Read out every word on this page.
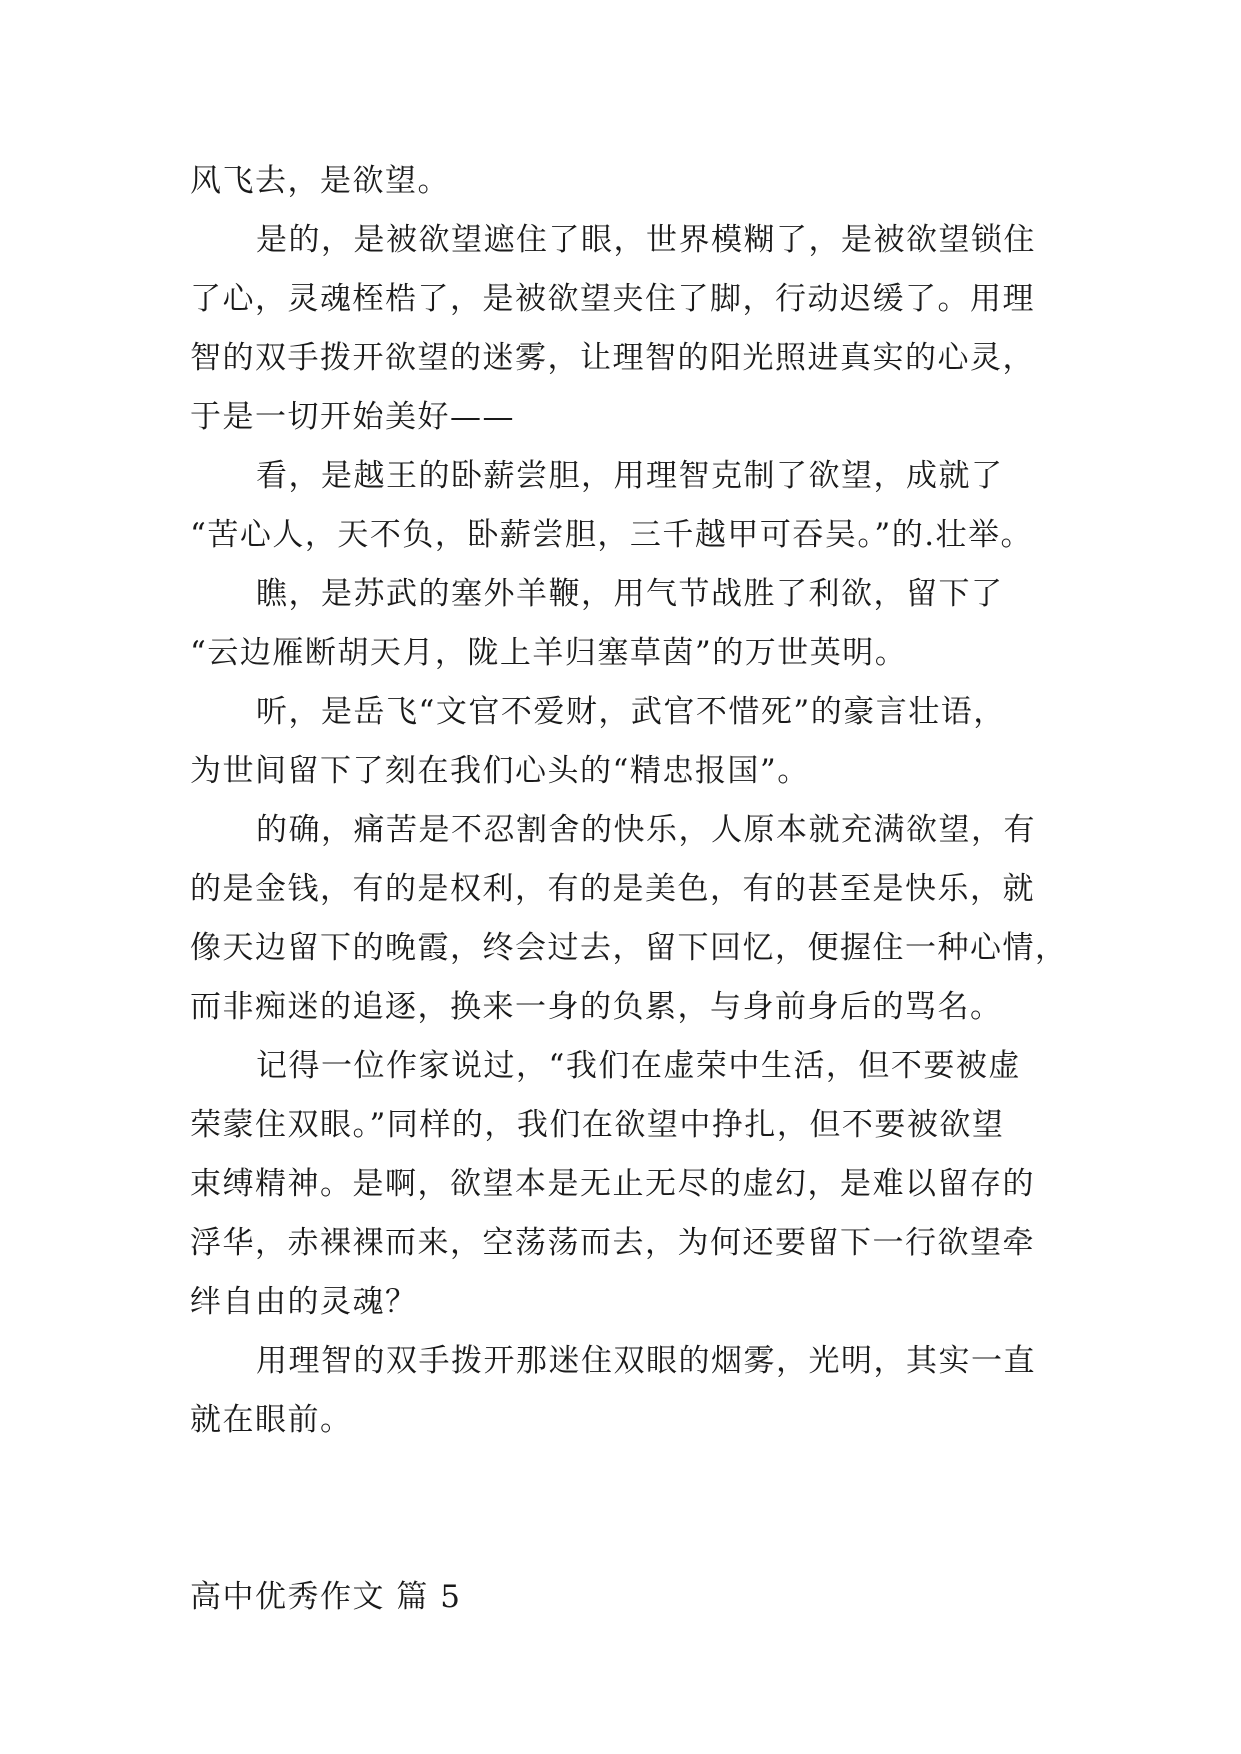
风飞去，是欲望。
是的，是被欲望遮住了眼，世界模糊了，是被欲望锁住
了心，灵魂桎梏了，是被欲望夹住了脚，行动迟缓了。用理
智的双手拨开欲望的迷雾，让理智的阳光照进真实的心灵，
于是一切开始美好——
看，是越王的卧薪尝胆，用理智克制了欲望，成就了
“苦心人，天不负，卧薪尝胆，三千越甲可吞吴。”的.壮举。
瞧，是苏武的塞外羊鞭，用气节战胜了利欲，留下了
“云边雁断胡天月，陇上羊归塞草茵”的万世英明。
听，是岳飞“文官不爱财，武官不惜死”的豪言壮语，
为世间留下了刻在我们心头的“精忠报国”。
的确，痛苦是不忍割舍的快乐，人原本就充满欲望，有
的是金钱，有的是权利，有的是美色，有的甚至是快乐，就
像天边留下的晚霞，终会过去，留下回忆，便握住一种心情，
而非痴迷的追逐，换来一身的负累，与身前身后的骂名。
记得一位作家说过，“我们在虚荣中生活，但不要被虚
荣蒙住双眼。”同样的，我们在欲望中挣扎，但不要被欲望
束缚精神。是啊，欲望本是无止无尽的虚幻，是难以留存的
浮华，赤裸裸而来，空荡荡而去，为何还要留下一行欲望牵
绊自由的灵魂？
用理智的双手拨开那迷住双眼的烟雾，光明，其实一直
就在眼前。
高中优秀作文 篇 5
